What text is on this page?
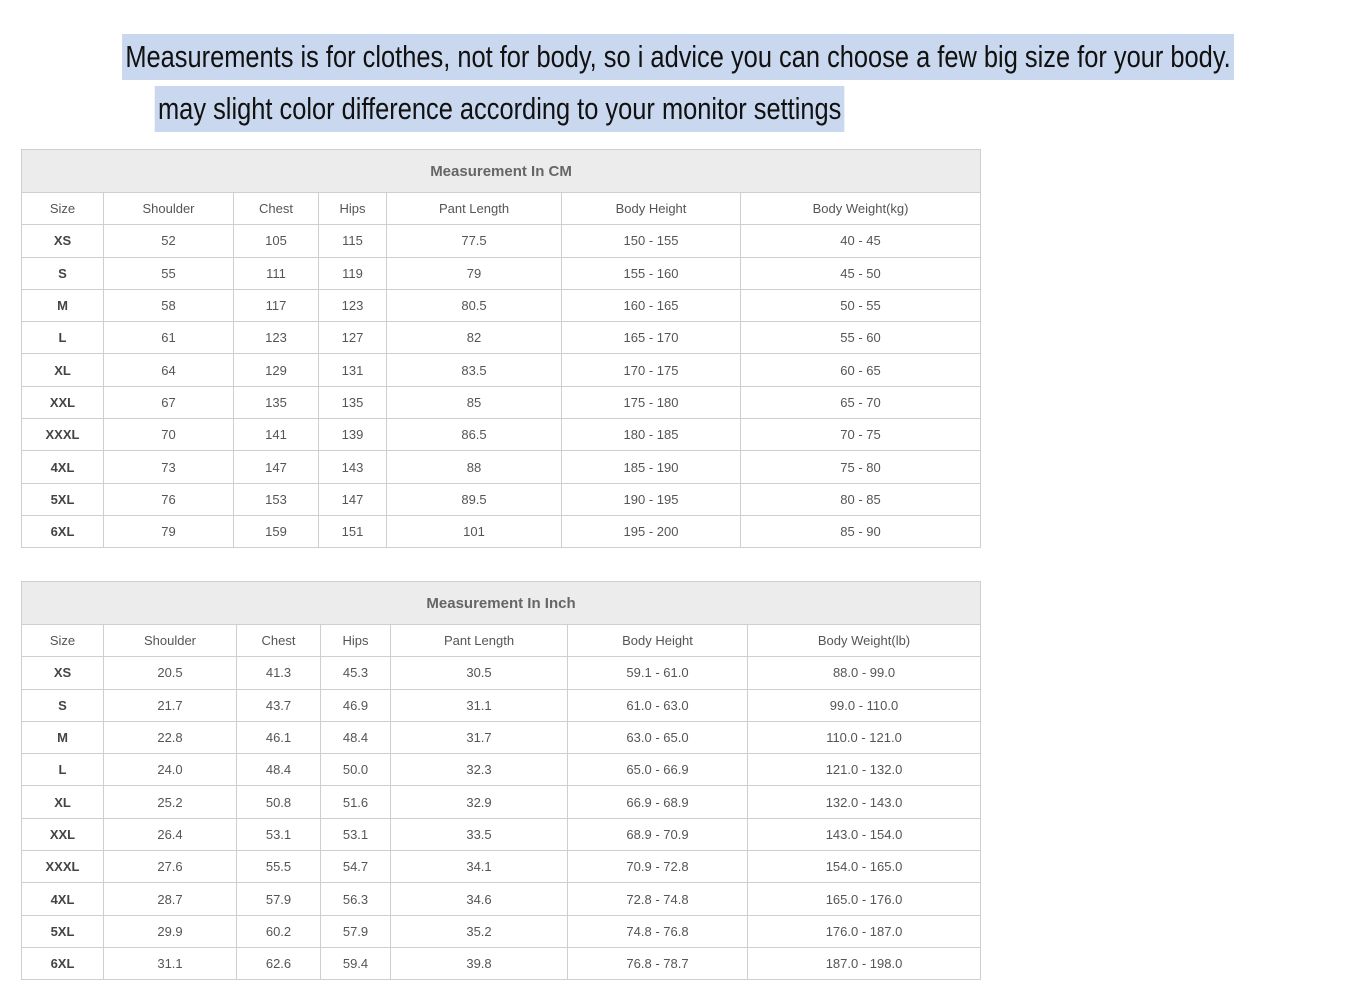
Measurements is for clothes, not for body, so i advice you can choose a few big size for your body.
may slight color difference according to your monitor settings
Measurement In CM						
Size	Shoulder	Chest	Hips	Pant Length	Body Height	Body Weight(kg)
XS	52	105	115	77.5	150 - 155	40 - 45
S	55	111	119	79	155 - 160	45 - 50
M	58	117	123	80.5	160 - 165	50 - 55
L	61	123	127	82	165 - 170	55 - 60
XL	64	129	131	83.5	170 - 175	60 - 65
XXL	67	135	135	85	175 - 180	65 - 70
XXXL	70	141	139	86.5	180 - 185	70 - 75
4XL	73	147	143	88	185 - 190	75 - 80
5XL	76	153	147	89.5	190 - 195	80 - 85
6XL	79	159	151	101	195 - 200	85 - 90
Measurement In Inch						
Size	Shoulder	Chest	Hips	Pant Length	Body Height	Body Weight(lb)
XS	20.5	41.3	45.3	30.5	59.1 - 61.0	88.0 - 99.0
S	21.7	43.7	46.9	31.1	61.0 - 63.0	99.0 - 110.0
M	22.8	46.1	48.4	31.7	63.0 - 65.0	110.0 - 121.0
L	24.0	48.4	50.0	32.3	65.0 - 66.9	121.0 - 132.0
XL	25.2	50.8	51.6	32.9	66.9 - 68.9	132.0 - 143.0
XXL	26.4	53.1	53.1	33.5	68.9 - 70.9	143.0 - 154.0
XXXL	27.6	55.5	54.7	34.1	70.9 - 72.8	154.0 - 165.0
4XL	28.7	57.9	56.3	34.6	72.8 - 74.8	165.0 - 176.0
5XL	29.9	60.2	57.9	35.2	74.8 - 76.8	176.0 - 187.0
6XL	31.1	62.6	59.4	39.8	76.8 - 78.7	187.0 - 198.0
